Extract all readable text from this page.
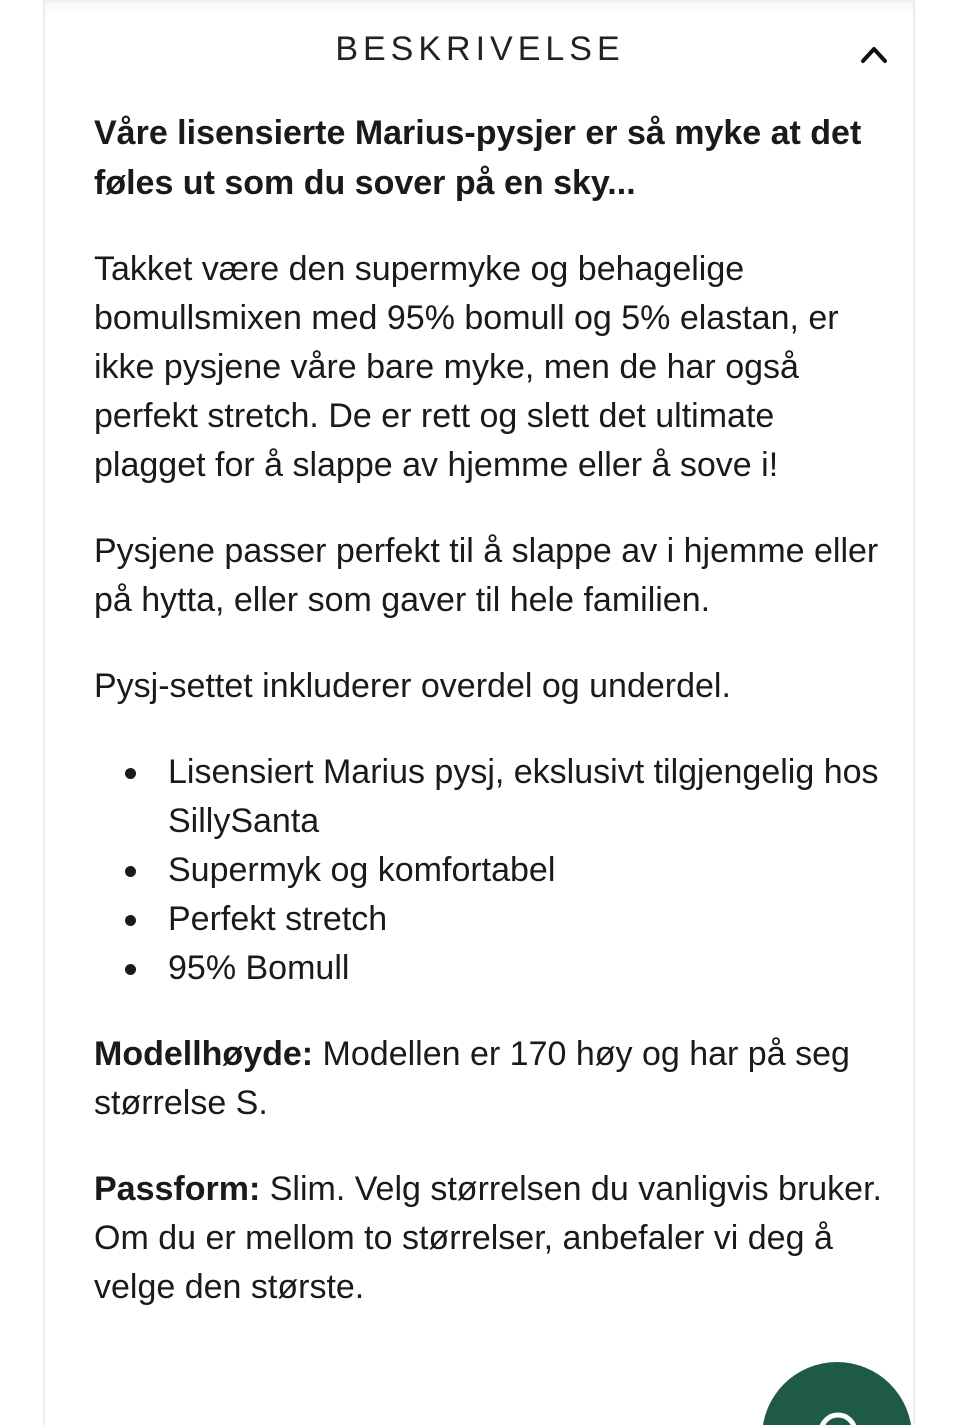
BESKRIVELSE

Våre lisensierte Marius-pysjer er så myke at det føles ut som du sover på en sky...

Takket være den supermyke og behagelige bomullsmixen med 95% bomull og 5% elastan, er ikke pysjene våre bare myke, men de har også perfekt stretch. De er rett og slett det ultimate plagget for å slappe av hjemme eller å sove i!

Pysjene passer perfekt til å slappe av i hjemme eller på hytta, eller som gaver til hele familien.

Pysj-settet inkluderer overdel og underdel.

Lisensiert Marius pysj, ekslusivt tilgjengelig hos SillySanta
Supermyk og komfortabel
Perfekt stretch
95% Bomull

Modellhøyde: Modellen er 170 høy og har på seg størrelse S.

Passform: Slim. Velg størrelsen du vanligvis bruker. Om du er mellom to størrelser, anbefaler vi deg å velge den største.
